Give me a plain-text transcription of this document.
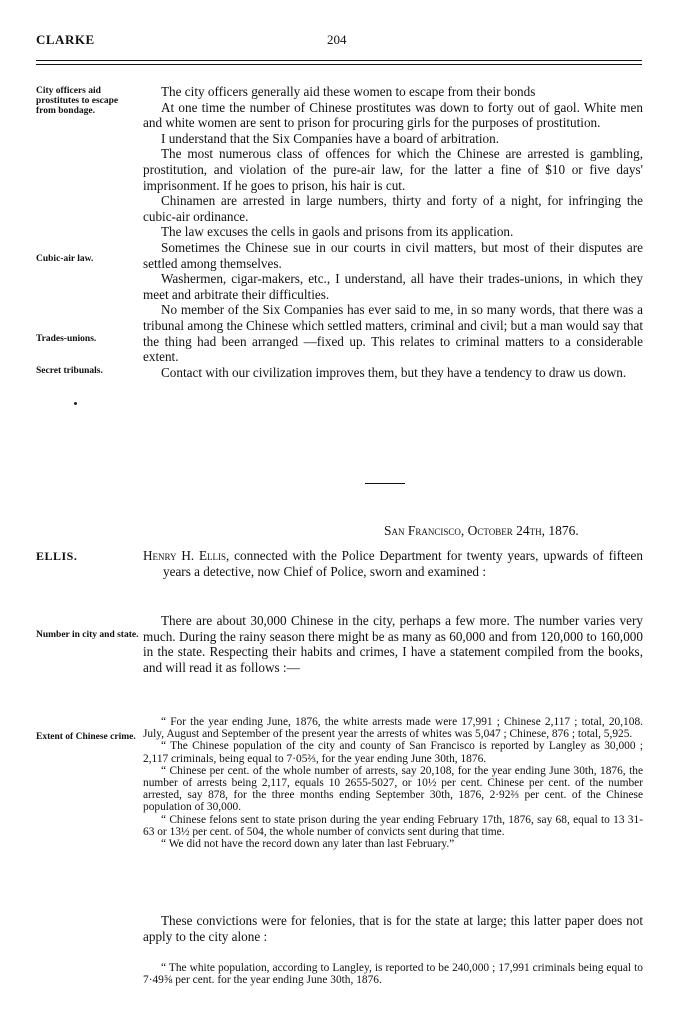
CLARKE	204
City officers aid prostitutes to escape from bondage.
Cubic-air law.
Trades-unions.
Secret tribunals.

The city officers generally aid these women to escape from their bonds

At one time the number of Chinese prostitutes was down to forty out of gaol. White men and white women are sent to prison for procuring girls for the purposes of prostitution.

I understand that the Six Companies have a board of arbitration.

The most numerous class of offences for which the Chinese are arrested is gambling, prostitution, and violation of the pure-air law, for the latter a fine of $10 or five days' imprisonment. If he goes to prison, his hair is cut.

Chinamen are arrested in large numbers, thirty and forty of a night, for infringing the cubic-air ordinance.

The law excuses the cells in gaols and prisons from its application.

Sometimes the Chinese sue in our courts in civil matters, but most of their disputes are settled among themselves.

Washermen, cigar-makers, etc., I understand, all have their trades-unions, in which they meet and arbitrate their difficulties.

No member of the Six Companies has ever said to me, in so many words, that there was a tribunal among the Chinese which settled matters, criminal and civil; but a man would say that the thing had been arranged —fixed up. This relates to criminal matters to a considerable extent.

Contact with our civilization improves them, but they have a tendency to draw us down.

San Francisco, October 24th, 1876.
ELLIS.	Henry H. Ellis, connected with the Police Department for twenty years, upwards of fifteen years a detective, now Chief of Police, sworn and examined :

Number in city and state.
Extent of Chinese crime.

There are about 30,000 Chinese in the city, perhaps a few more. The number varies very much. During the rainy season there might be as many as 60,000 and from 120,000 to 160,000 in the state. Respecting their habits and crimes, I have a statement compiled from the books, and will read it as follows :—

“ For the year ending June, 1876, the white arrests made were 17,991 ; Chinese 2,117 ; total, 20,108. July, August and September of the present year the arrests of whites was 5,047 ; Chinese, 876 ; total, 5,925.

“ The Chinese population of the city and county of San Francisco is reported by Langley as 30,000 ; 2,117 criminals, being equal to 7·05⅔, for the year ending June 30th, 1876.

“ Chinese per cent. of the whole number of arrests, say 20,108, for the year ending June 30th, 1876, the number of arrests being 2,117, equals 10 2655-5027, or 10½ per cent. Chinese per cent. of the number arrested, say 878, for the three months ending September 30th, 1876, 2·92⅔ per cent. of the Chinese population of 30,000.

“ Chinese felons sent to state prison during the year ending February 17th, 1876, say 68, equal to 13 31-63 or 13½ per cent. of 504, the whole number of convicts sent during that time.

“ We did not have the record down any later than last February.”

These convictions were for felonies, that is for the state at large; this latter paper does not apply to the city alone :

“ The white population, according to Langley, is reported to be 240,000 ; 17,991 criminals being equal to 7·49⅝ per cent. for the year ending June 30th, 1876.
